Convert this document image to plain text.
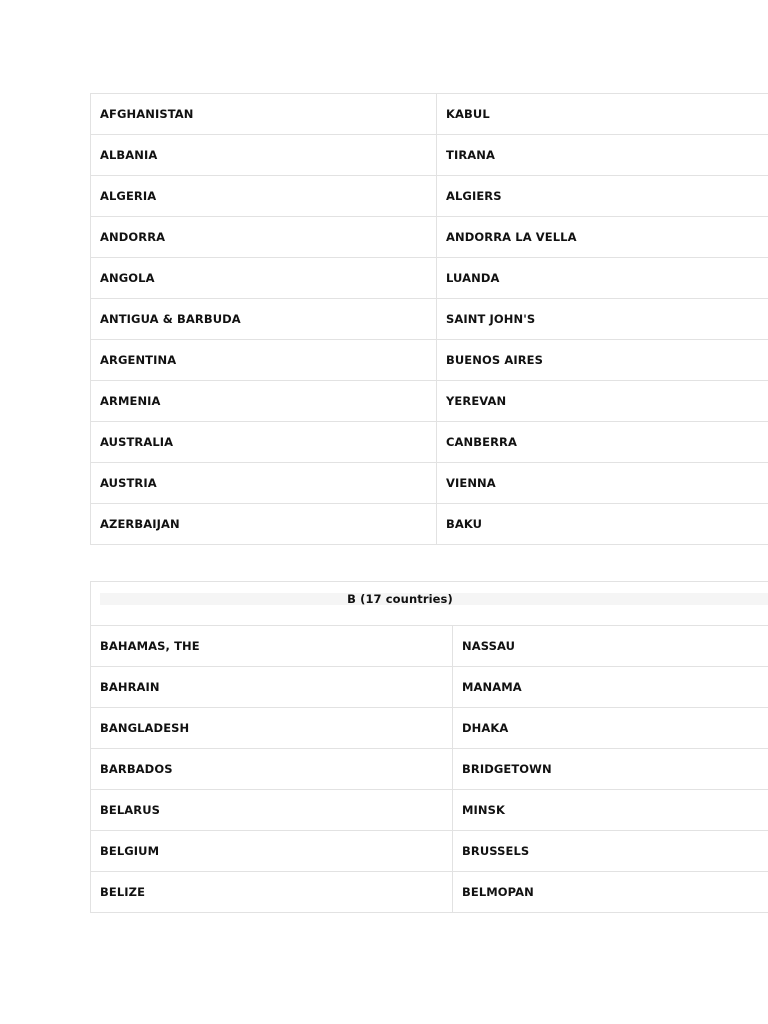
AFGHANISTAN	KABUL
ALBANIA	TIRANA
ALGERIA	ALGIERS
ANDORRA	ANDORRA LA VELLA
ANGOLA	LUANDA
ANTIGUA & BARBUDA	SAINT JOHN'S
ARGENTINA	BUENOS AIRES
ARMENIA	YEREVAN
AUSTRALIA	CANBERRA
AUSTRIA	VIENNA
AZERBAIJAN	BAKU
B (17 countries)	

BAHAMAS, THE	NASSAU
BAHRAIN	MANAMA
BANGLADESH	DHAKA
BARBADOS	BRIDGETOWN
BELARUS	MINSK
BELGIUM	BRUSSELS
BELIZE	BELMOPAN
